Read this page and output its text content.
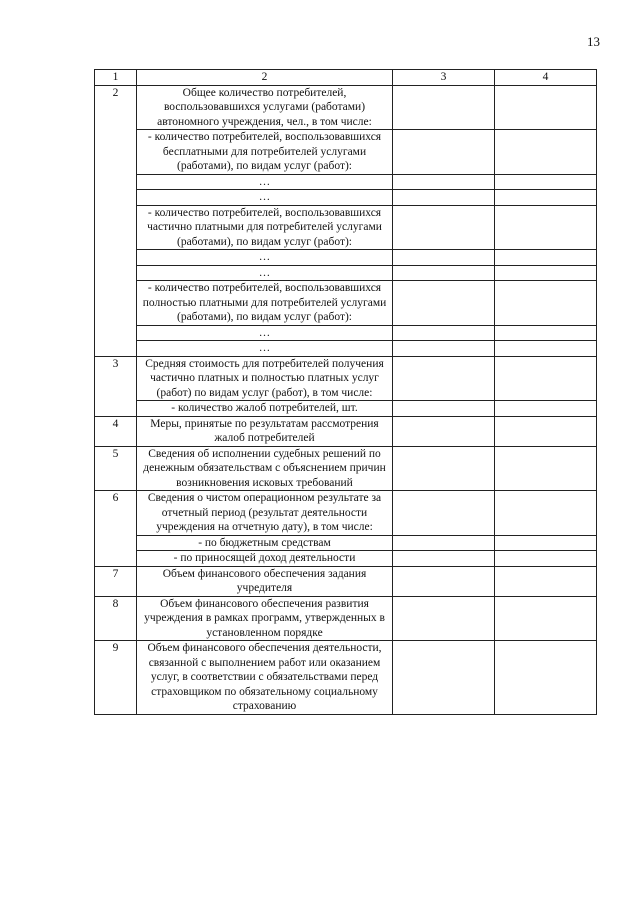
13
1	2	3	4
2	Общее количество потребителей, воспользовавшихся услугами (работами) автономного учреждения, чел., в том числе:		
	- количество потребителей, воспользовавшихся бесплатными для потребителей услугами (работами), по видам услуг (работ):		
	…		
	…		
	- количество потребителей, воспользовавшихся частично платными для потребителей услугами (работами), по видам услуг (работ):		
	…		
	…		
	- количество потребителей, воспользовавшихся полностью платными для потребителей услугами (работами), по видам услуг (работ):		
	…		
	…		
3	Средняя стоимость для потребителей получения частично платных и полностью платных услуг (работ) по видам услуг (работ), в том числе:		
	- количество жалоб потребителей, шт.		
4	Меры, принятые по результатам рассмотрения жалоб потребителей		
5	Сведения об исполнении судебных решений по денежным обязательствам с объяснением причин возникновения исковых требований		
6	Сведения о чистом операционном результате за отчетный период (результат деятельности учреждения на отчетную дату), в том числе:		
	- по бюджетным средствам		
	- по приносящей доход деятельности		
7	Объем финансового обеспечения задания учредителя		
8	Объем финансового обеспечения развития учреждения в рамках программ, утвержденных в установленном порядке		
9	Объем финансового обеспечения деятельности, связанной с выполнением работ или оказанием услуг, в соответствии с обязательствами перед страховщиком по обязательному социальному страхованию		
